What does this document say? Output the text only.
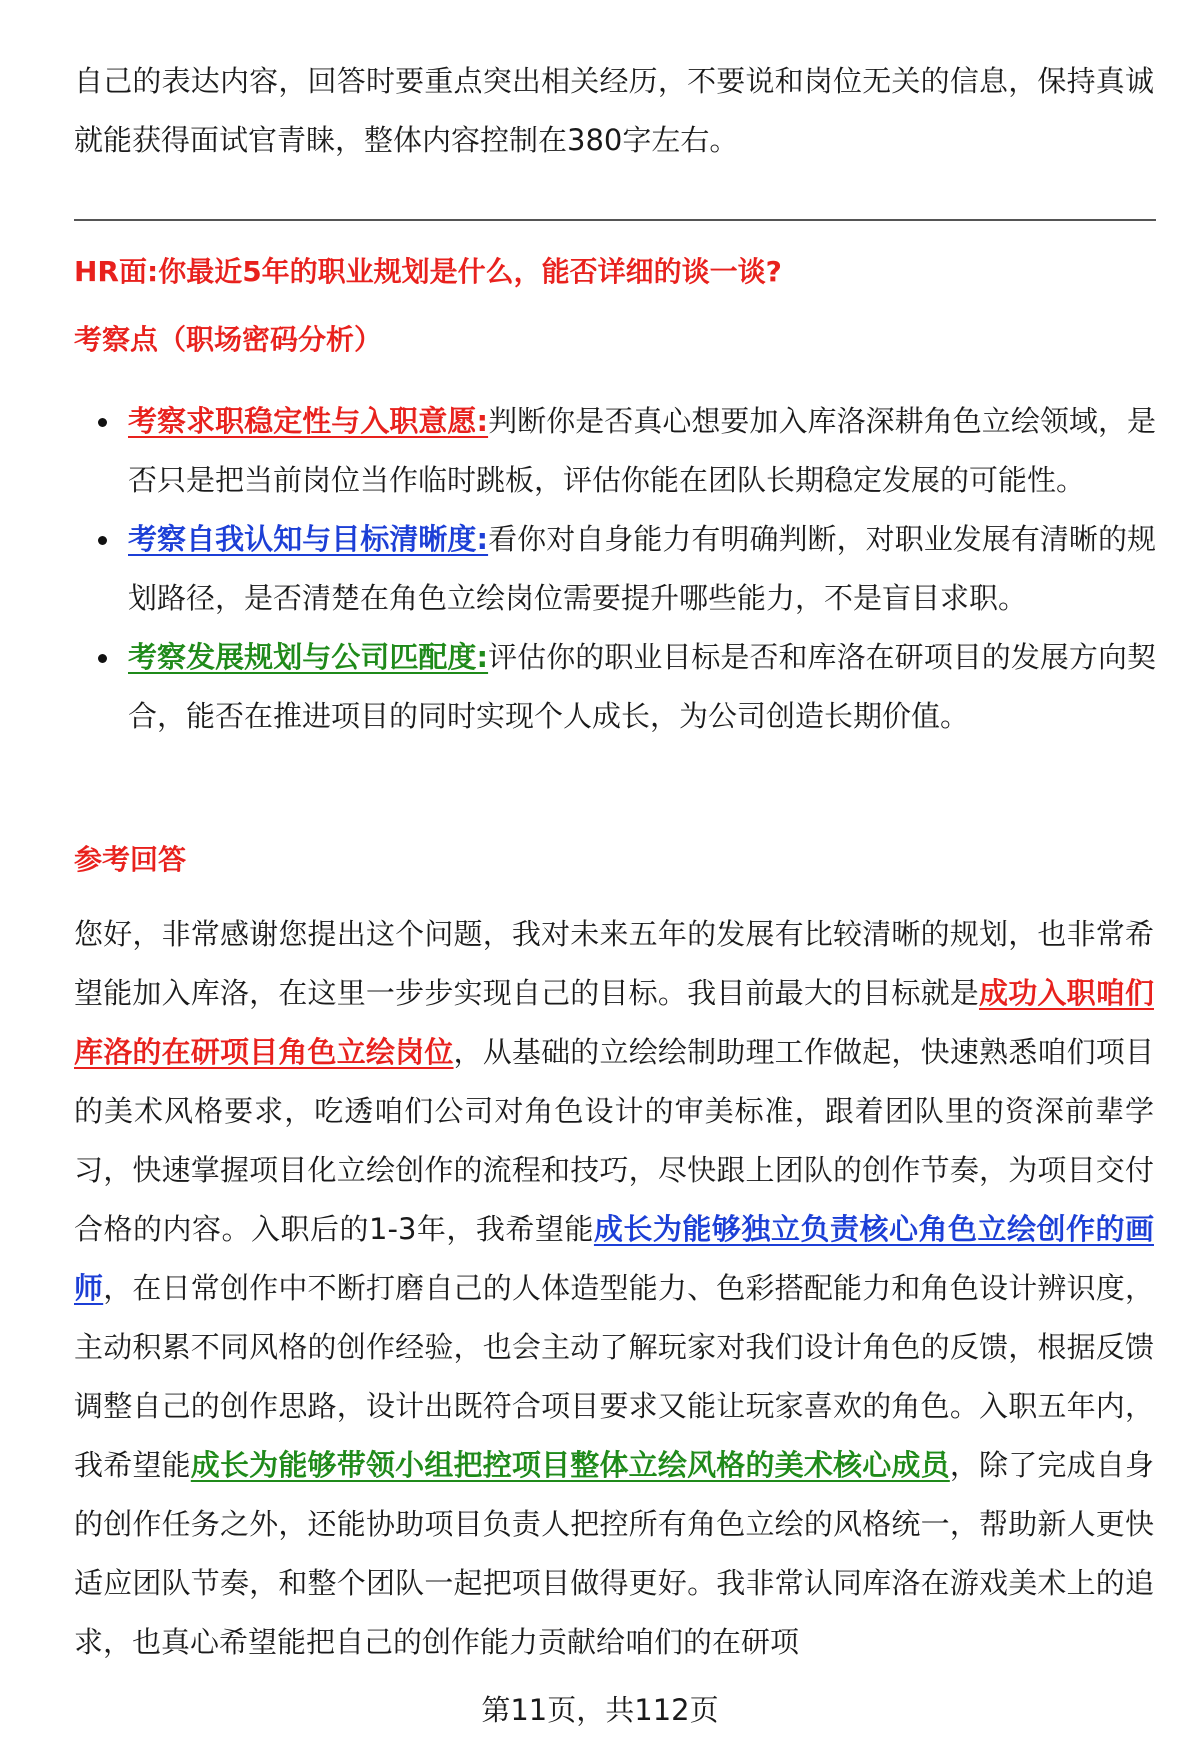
自己的表达内容，回答时要重点突出相关经历，不要说和岗位无关的信息，保持真诚就能获得面试官青睐，整体内容控制在380字左右。

HR面:你最近5年的职业规划是什么，能否详细的谈一谈?
考察点（职场密码分析）
考察求职稳定性与入职意愿:判断你是否真心想要加入库洛深耕角色立绘领域，是否只是把当前岗位当作临时跳板，评估你能在团队长期稳定发展的可能性。
考察自我认知与目标清晰度:看你对自身能力有明确判断，对职业发展有清晰的规划路径，是否清楚在角色立绘岗位需要提升哪些能力，不是盲目求职。
考察发展规划与公司匹配度:评估你的职业目标是否和库洛在研项目的发展方向契合，能否在推进项目的同时实现个人成长，为公司创造长期价值。
参考回答

您好，非常感谢您提出这个问题，我对未来五年的发展有比较清晰的规划，也非常希望能加入库洛，在这里一步步实现自己的目标。我目前最大的目标就是成功入职咱们库洛的在研项目角色立绘岗位，从基础的立绘绘制助理工作做起，快速熟悉咱们项目的美术风格要求，吃透咱们公司对角色设计的审美标准，跟着团队里的资深前辈学习，快速掌握项目化立绘创作的流程和技巧，尽快跟上团队的创作节奏，为项目交付合格的内容。入职后的1-3年，我希望能成长为能够独立负责核心角色立绘创作的画师，在日常创作中不断打磨自己的人体造型能力、色彩搭配能力和角色设计辨识度，主动积累不同风格的创作经验，也会主动了解玩家对我们设计角色的反馈，根据反馈调整自己的创作思路，设计出既符合项目要求又能让玩家喜欢的角色。入职五年内，我希望能成长为能够带领小组把控项目整体立绘风格的美术核心成员，除了完成自身的创作任务之外，还能协助项目负责人把控所有角色立绘的风格统一，帮助新人更快适应团队节奏，和整个团队一起把项目做得更好。我非常认同库洛在游戏美术上的追求，也真心希望能把自己的创作能力贡献给咱们的在研项

第11页，共112页
